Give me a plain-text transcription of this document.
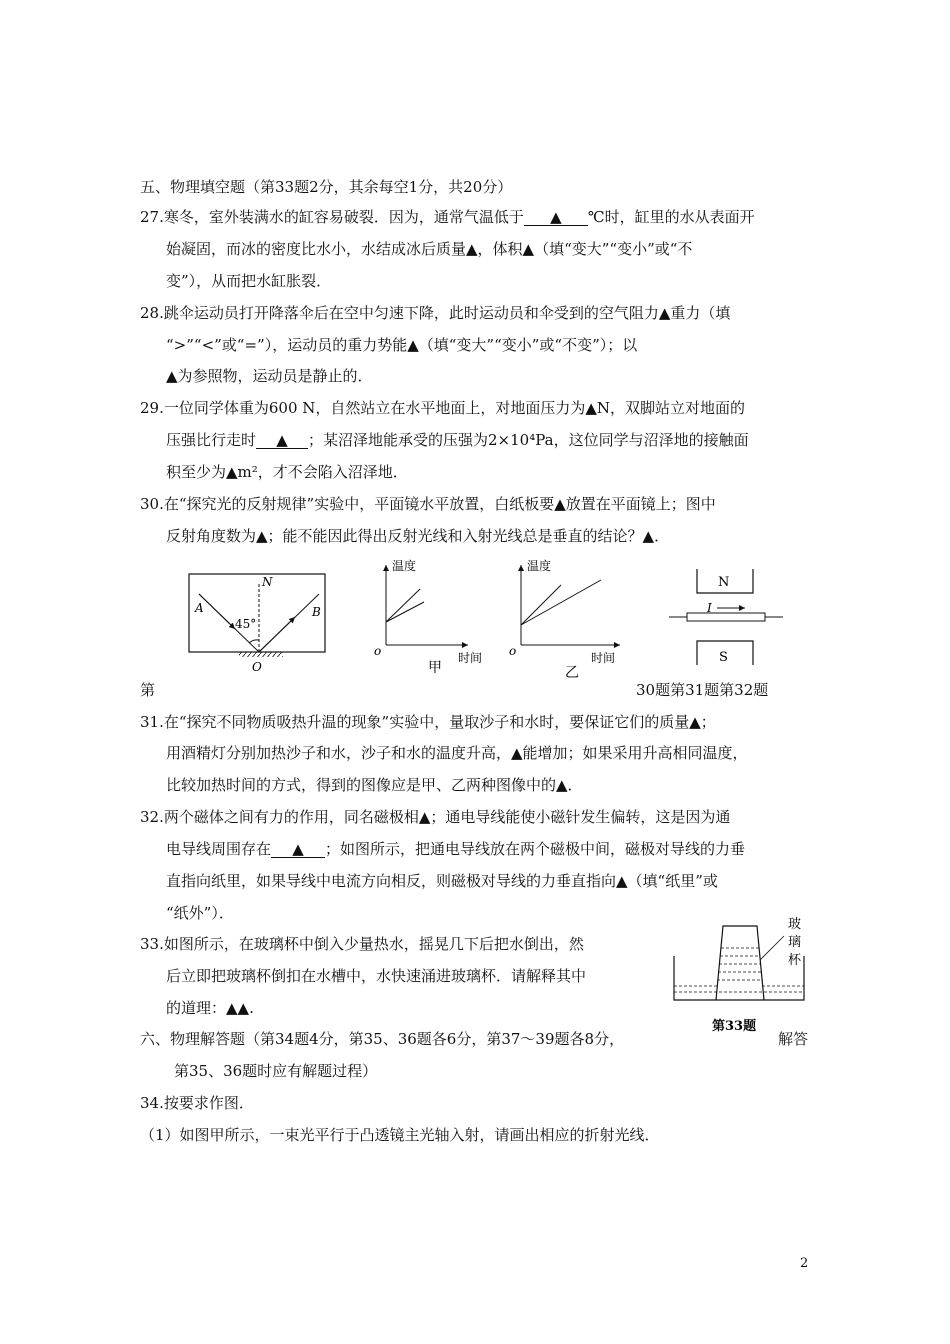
五、物理填空题（第33题2分，其余每空1分，共20分）
27.寒冬，室外装满水的缸容易破裂．因为，通常气温低于 ▲ ℃时，缸里的水从表面开
始凝固，而冰的密度比水小，水结成冰后质量▲，体积▲（填“变大”“变小”或“不
变”），从而把水缸胀裂．
28.跳伞运动员打开降落伞后在空中匀速下降，此时运动员和伞受到的空气阻力▲重力（填
“>”“<”或“=”），运动员的重力势能▲（填“变大”“变小”或“不变”）；以
▲为参照物，运动员是静止的．
29.一位同学体重为600 N，自然站立在水平地面上，对地面压力为▲N，双脚站立对地面的
压强比行走时 ▲ ；某沼泽地能承受的压强为2×10⁴Pa，这位同学与沼泽地的接触面
积至少为▲m²，才不会陷入沼泽地．
30.在“探究光的反射规律”实验中，平面镜水平放置，白纸板要▲放置在平面镜上；图中
反射角度数为▲；能不能因此得出反射光线和入射光线总是垂直的结论？▲．
A	B
N
O
45°
温度
时间
o
甲
温度
时间
o
乙
N
I
S
第	30题第31题第32题
31.在“探究不同物质吸热升温的现象”实验中，量取沙子和水时，要保证它们的质量▲；
用酒精灯分别加热沙子和水，沙子和水的温度升高，▲能增加；如果采用升高相同温度，
比较加热时间的方式，得到的图像应是甲、乙两种图像中的▲．
32.两个磁体之间有力的作用，同名磁极相▲；通电导线能使小磁针发生偏转，这是因为通
电导线周围存在 ▲ ；如图所示，把通电导线放在两个磁极中间，磁极对导线的力垂
直指向纸里，如果导线中电流方向相反，则磁极对导线的力垂直指向▲（填“纸里”或
“纸外”）．
33.如图所示，在玻璃杯中倒入少量热水，摇晃几下后把水倒出，然
后立即把玻璃杯倒扣在水槽中，水快速涌进玻璃杯．请解释其中
的道理：▲▲.
玻
璃
杯
第33题
六、物理解答题（第34题4分，第35、36题各6分，第37～39题各8分，	解答
第35、36题时应有解题过程）
34.按要求作图．
（1）如图甲所示，一束光平行于凸透镜主光轴入射，请画出相应的折射光线．
2
